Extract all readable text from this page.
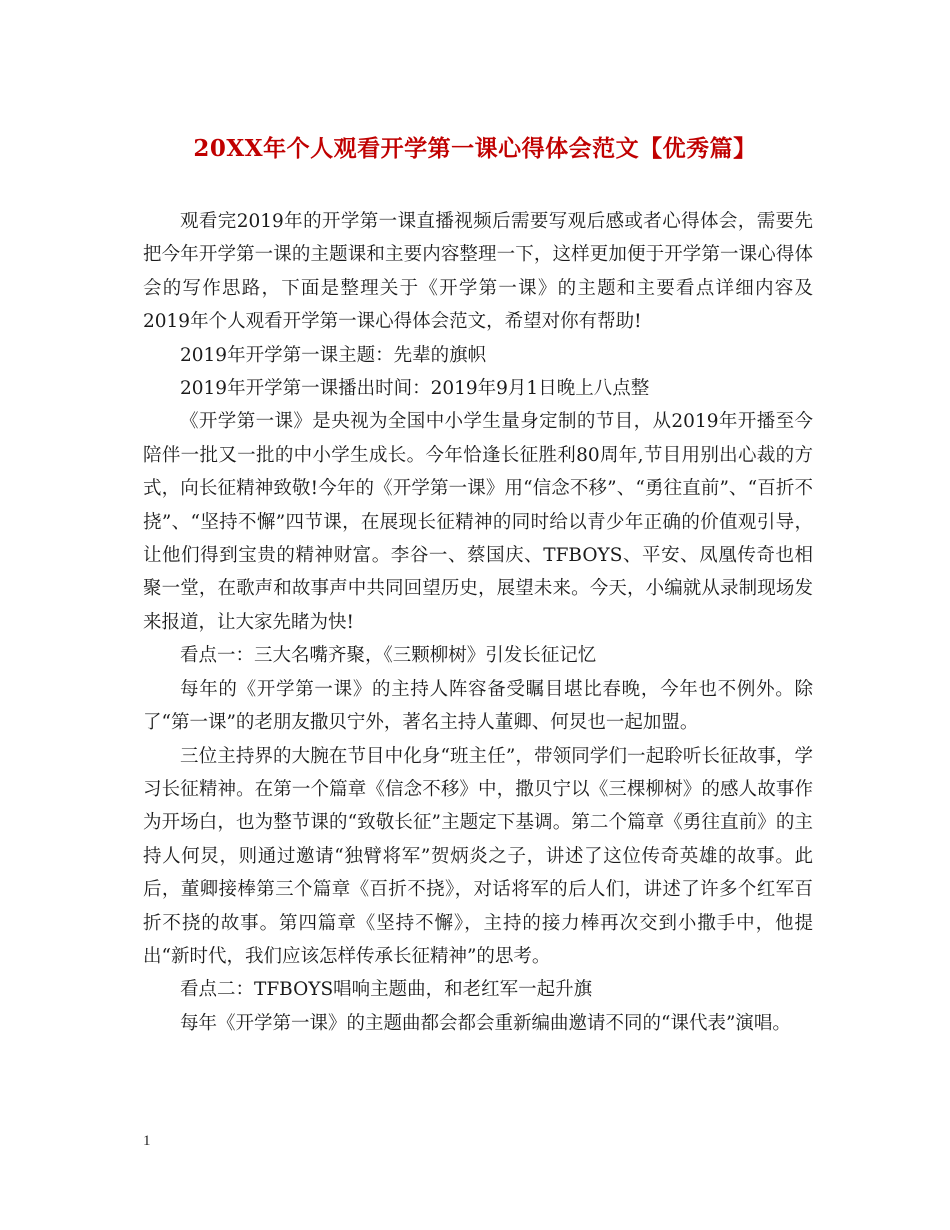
20XX年个人观看开学第一课心得体会范文【优秀篇】

观看完2019年的开学第一课直播视频后需要写观后感或者心得体会，需要先把今年开学第一课的主题课和主要内容整理一下，这样更加便于开学第一课心得体会的写作思路，下面是整理关于《开学第一课》的主题和主要看点详细内容及2019年个人观看开学第一课心得体会范文，希望对你有帮助!

2019年开学第一课主题：先辈的旗帜

2019年开学第一课播出时间：2019年9月1日晚上八点整

《开学第一课》是央视为全国中小学生量身定制的节目，从2019年开播至今陪伴一批又一批的中小学生成长。今年恰逢长征胜利80周年,节目用别出心裁的方式，向长征精神致敬!今年的《开学第一课》用“信念不移”、“勇往直前”、“百折不挠”、“坚持不懈”四节课，在展现长征精神的同时给以青少年正确的价值观引导，让他们得到宝贵的精神财富。李谷一、蔡国庆、TFBOYS、平安、凤凰传奇也相聚一堂，在歌声和故事声中共同回望历史，展望未来。今天，小编就从录制现场发来报道，让大家先睹为快!

看点一：三大名嘴齐聚，《三颗柳树》引发长征记忆

每年的《开学第一课》的主持人阵容备受瞩目堪比春晚，今年也不例外。除了“第一课”的老朋友撒贝宁外，著名主持人董卿、何炅也一起加盟。

三位主持界的大腕在节目中化身“班主任”，带领同学们一起聆听长征故事，学习长征精神。在第一个篇章《信念不移》中，撒贝宁以《三棵柳树》的感人故事作为开场白，也为整节课的“致敬长征”主题定下基调。第二个篇章《勇往直前》的主持人何炅，则通过邀请“独臂将军”贺炳炎之子，讲述了这位传奇英雄的故事。此后，董卿接棒第三个篇章《百折不挠》，对话将军的后人们，讲述了许多个红军百折不挠的故事。第四篇章《坚持不懈》，主持的接力棒再次交到小撒手中，他提出“新时代，我们应该怎样传承长征精神”的思考。

看点二：TFBOYS唱响主题曲，和老红军一起升旗

每年《开学第一课》的主题曲都会都会重新编曲邀请不同的“课代表”演唱。

1
